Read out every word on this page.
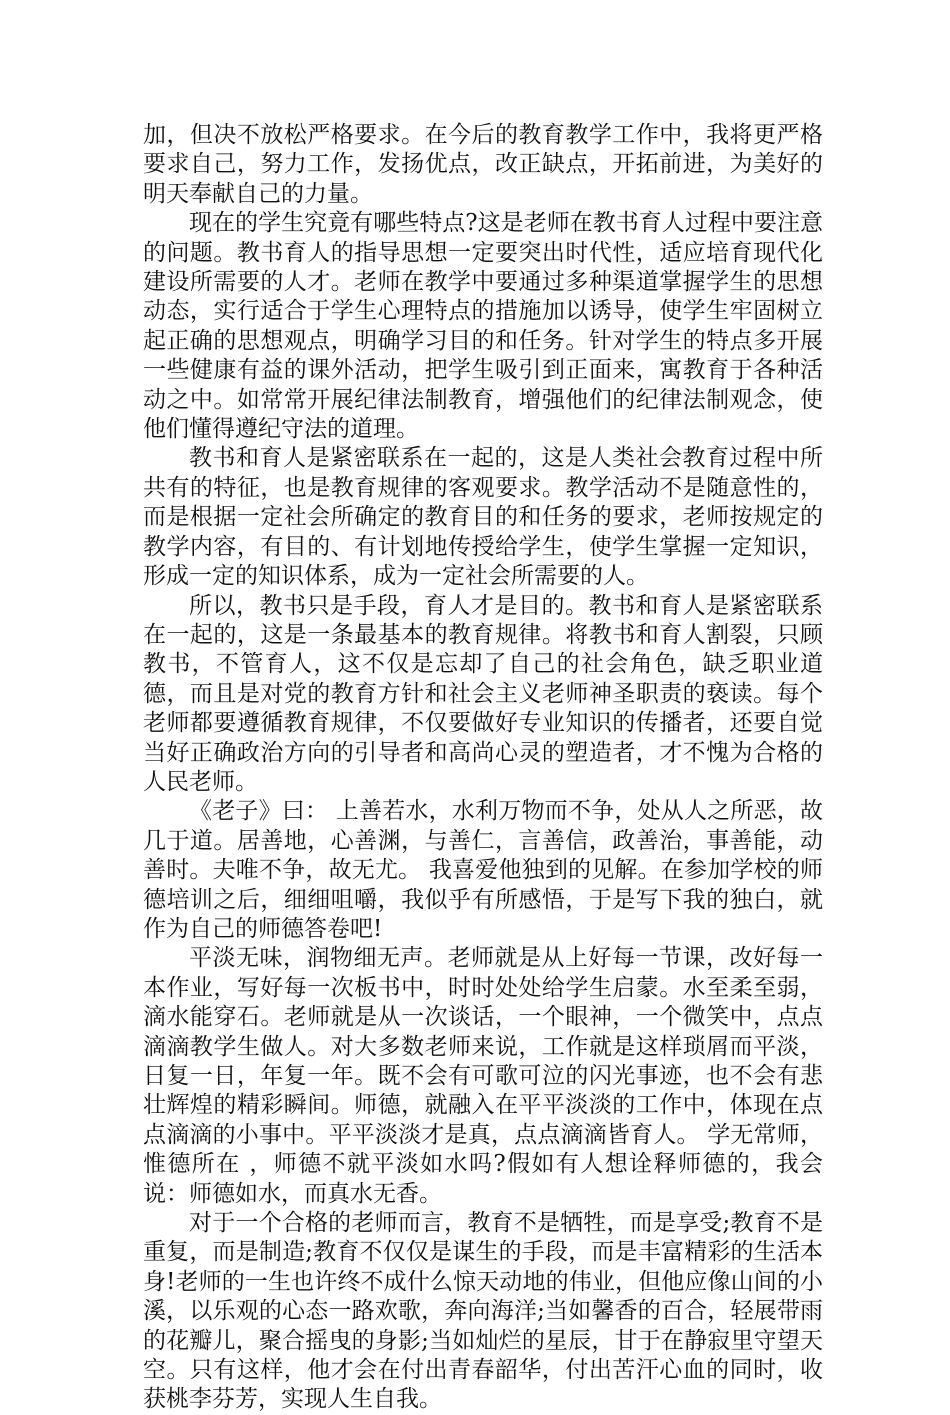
加，但决不放松严格要求。在今后的教育教学工作中，我将更严格要求自己，努力工作，发扬优点，改正缺点，开拓前进，为美好的明天奉献自己的力量。

现在的学生究竟有哪些特点?这是老师在教书育人过程中要注意的问题。教书育人的指导思想一定要突出时代性，适应培育现代化建设所需要的人才。老师在教学中要通过多种渠道掌握学生的思想动态，实行适合于学生心理特点的措施加以诱导，使学生牢固树立起正确的思想观点，明确学习目的和任务。针对学生的特点多开展一些健康有益的课外活动，把学生吸引到正面来，寓教育于各种活动之中。如常常开展纪律法制教育，增强他们的纪律法制观念，使他们懂得遵纪守法的道理。

教书和育人是紧密联系在一起的，这是人类社会教育过程中所共有的特征，也是教育规律的客观要求。教学活动不是随意性的，而是根据一定社会所确定的教育目的和任务的要求，老师按规定的教学内容，有目的、有计划地传授给学生，使学生掌握一定知识，形成一定的知识体系，成为一定社会所需要的人。

所以，教书只是手段，育人才是目的。教书和育人是紧密联系在一起的，这是一条最基本的教育规律。将教书和育人割裂，只顾教书，不管育人，这不仅是忘却了自己的社会角色，缺乏职业道德，而且是对党的教育方针和社会主义老师神圣职责的亵读。每个老师都要遵循教育规律，不仅要做好专业知识的传播者，还要自觉当好正确政治方向的引导者和高尚心灵的塑造者，才不愧为合格的人民老师。

《老子》曰： 上善若水，水利万物而不争，处从人之所恶，故几于道。居善地，心善渊，与善仁，言善信，政善治，事善能，动善时。夫唯不争，故无尤。 我喜爱他独到的见解。在参加学校的师德培训之后，细细咀嚼，我似乎有所感悟，于是写下我的独白，就作为自己的师德答卷吧!

平淡无味，润物细无声。老师就是从上好每一节课，改好每一本作业，写好每一次板书中，时时处处给学生启蒙。水至柔至弱，滴水能穿石。老师就是从一次谈话，一个眼神，一个微笑中，点点滴滴教学生做人。对大多数老师来说，工作就是这样琐屑而平淡，日复一日，年复一年。既不会有可歌可泣的闪光事迹，也不会有悲壮辉煌的精彩瞬间。师德，就融入在平平淡淡的工作中，体现在点点滴滴的小事中。平平淡淡才是真，点点滴滴皆育人。 学无常师，惟德所在 ，师德不就平淡如水吗?假如有人想诠释师德的，我会说：师德如水，而真水无香。

对于一个合格的老师而言，教育不是牺牲，而是享受;教育不是重复，而是制造;教育不仅仅是谋生的手段，而是丰富精彩的生活本身!老师的一生也许终不成什么惊天动地的伟业，但他应像山间的小溪，以乐观的心态一路欢歌，奔向海洋;当如馨香的百合，轻展带雨的花瓣儿，聚合摇曳的身影;当如灿烂的星辰，甘于在静寂里守望天空。只有这样，他才会在付出青春韶华，付出苦汗心血的同时，收获桃李芬芳，实现人生自我。
